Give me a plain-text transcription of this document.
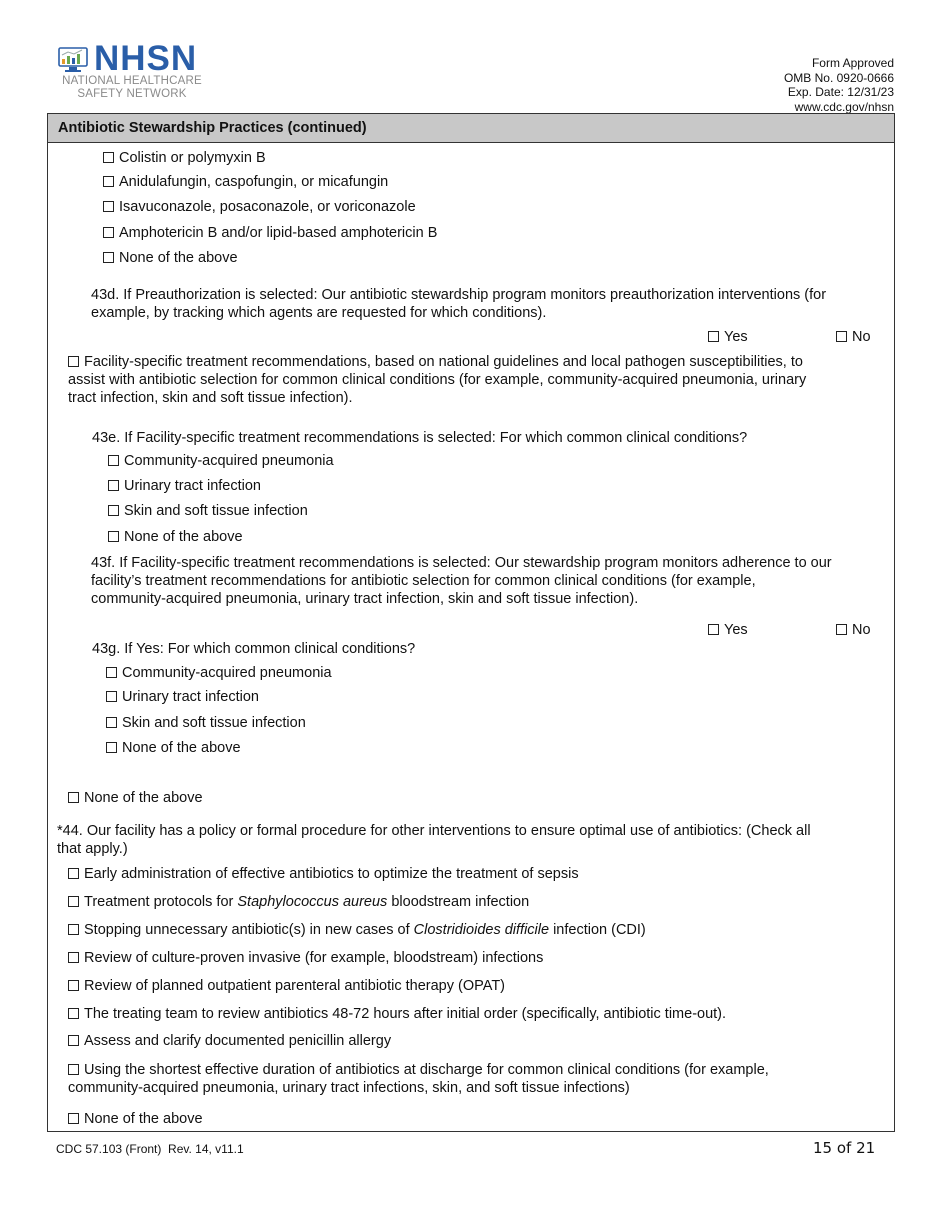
NHSN
NATIONAL HEALTHCARE
SAFETY NETWORK
Form Approved
OMB No. 0920-0666
Exp. Date: 12/31/23
www.cdc.gov/nhsn
Antibiotic Stewardship Practices (continued)
Colistin or polymyxin B
Anidulafungin, caspofungin, or micafungin
Isavuconazole, posaconazole, or voriconazole
Amphotericin B and/or lipid-based amphotericin B
None of the above
43d. If Preauthorization is selected: Our antibiotic stewardship program monitors preauthorization interventions (for
example, by tracking which agents are requested for which conditions).
Yes	No
Facility-specific treatment recommendations, based on national guidelines and local pathogen susceptibilities, to
assist with antibiotic selection for common clinical conditions (for example, community-acquired pneumonia, urinary
tract infection, skin and soft tissue infection).
43e. If Facility-specific treatment recommendations is selected: For which common clinical conditions?
Community-acquired pneumonia
Urinary tract infection
Skin and soft tissue infection
None of the above
43f. If Facility-specific treatment recommendations is selected: Our stewardship program monitors adherence to our
facility’s treatment recommendations for antibiotic selection for common clinical conditions (for example,
community-acquired pneumonia, urinary tract infection, skin and soft tissue infection).
Yes	No
43g. If Yes: For which common clinical conditions?
Community-acquired pneumonia
Urinary tract infection
Skin and soft tissue infection
None of the above
None of the above
*44. Our facility has a policy or formal procedure for other interventions to ensure optimal use of antibiotics: (Check all
that apply.)
Early administration of effective antibiotics to optimize the treatment of sepsis
Treatment protocols for Staphylococcus aureus bloodstream infection
Stopping unnecessary antibiotic(s) in new cases of Clostridioides difficile infection (CDI)
Review of culture-proven invasive (for example, bloodstream) infections
Review of planned outpatient parenteral antibiotic therapy (OPAT)
The treating team to review antibiotics 48-72 hours after initial order (specifically, antibiotic time-out).
Assess and clarify documented penicillin allergy
Using the shortest effective duration of antibiotics at discharge for common clinical conditions (for example,
community-acquired pneumonia, urinary tract infections, skin, and soft tissue infections)
None of the above
CDC 57.103 (Front)  Rev. 14, v11.1	15 of 21
